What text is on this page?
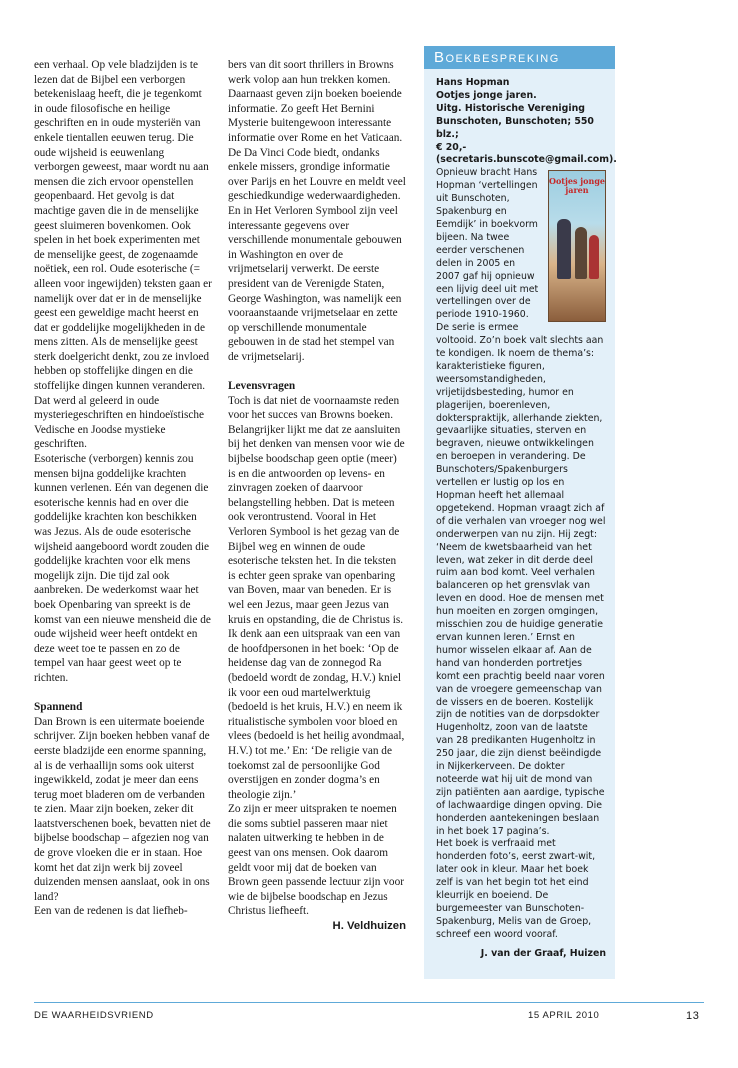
een verhaal. Op vele bladzijden is te lezen dat de Bijbel een verborgen betekenislaag heeft, die je tegenkomt in oude filosofische en heilige geschriften en in oude mysteriën van enkele tientallen eeuwen terug. Die oude wijsheid is eeuwenlang verborgen geweest, maar wordt nu aan mensen die zich ervoor openstellen geopenbaard. Het gevolg is dat machtige gaven die in de menselijke geest sluimeren bovenkomen. Ook spelen in het boek experimenten met de menselijke geest, de zogenaamde noëtiek, een rol. Oude esoterische (= alleen voor ingewijden) teksten gaan er namelijk over dat er in de menselijke geest een geweldige macht heerst en dat er goddelijke mogelijkheden in de mens zitten. Als de menselijke geest sterk doelgericht denkt, zou ze invloed hebben op stoffelijke dingen en die stoffelijke dingen kunnen veranderen. Dat werd al geleerd in oude mysteriegeschriften en hindoeïstische Vedische en Joodse mystieke geschriften.

Esoterische (verborgen) kennis zou mensen bijna goddelijke krachten kunnen verlenen. Eén van degenen die esoterische kennis had en over die goddelijke krachten kon beschikken was Jezus. Als de oude esoterische wijsheid aangeboord wordt zouden die goddelijke krachten voor elk mens mogelijk zijn. Die tijd zal ook aanbreken. De wederkomst waar het boek Openbaring van spreekt is de komst van een nieuwe mensheid die de oude wijsheid weer heeft ontdekt en deze weet toe te passen en zo de tempel van haar geest weet op te richten.

Spannend

Dan Brown is een uitermate boeiende schrijver. Zijn boeken hebben vanaf de eerste bladzijde een enorme spanning, al is de verhaallijn soms ook uiterst ingewikkeld, zodat je meer dan eens terug moet bladeren om de verbanden te zien. Maar zijn boeken, zeker dit laatstverschenen boek, bevatten niet de bijbelse boodschap – afgezien nog van de grove vloeken die er in staan. Hoe komt het dat zijn werk bij zoveel duizenden mensen aanslaat, ook in ons land?

Een van de redenen is dat liefheb-

bers van dit soort thrillers in Browns werk volop aan hun trekken komen. Daarnaast geven zijn boeken boeiende informatie. Zo geeft Het Bernini Mysterie buitengewoon interessante informatie over Rome en het Vaticaan. De Da Vinci Code biedt, ondanks enkele missers, grondige informatie over Parijs en het Louvre en meldt veel geschiedkundige wederwaardigheden. En in Het Verloren Symbool zijn veel interessante gegevens over verschillende monumentale gebouwen in Washington en over de vrijmetselarij verwerkt. De eerste president van de Verenigde Staten, George Washington, was namelijk een vooraanstaande vrijmetselaar en zette op verschillende monumentale gebouwen in de stad het stempel van de vrijmetselarij.

Levensvragen

Toch is dat niet de voornaamste reden voor het succes van Browns boeken. Belangrijker lijkt me dat ze aansluiten bij het denken van mensen voor wie de bijbelse boodschap geen optie (meer) is en die antwoorden op levens- en zinvragen zoeken of daarvoor belangstelling hebben. Dat is meteen ook verontrustend. Vooral in Het Verloren Symbool is het gezag van de Bijbel weg en winnen de oude esoterische teksten het. In die teksten is echter geen sprake van openbaring van Boven, maar van beneden. Er is wel een Jezus, maar geen Jezus van kruis en opstanding, die de Christus is. Ik denk aan een uitspraak van een van de hoofdpersonen in het boek: ‘Op de heidense dag van de zonnegod Ra (bedoeld wordt de zondag, H.V.) kniel ik voor een oud martelwerktuig (bedoeld is het kruis, H.V.) en neem ik ritualistische symbolen voor bloed en vlees (bedoeld is het heilig avondmaal, H.V.) tot me.’ En: ‘De religie van de toekomst zal de persoonlijke God overstijgen en zonder dogma’s en theologie zijn.’

Zo zijn er meer uitspraken te noemen die soms subtiel passeren maar niet nalaten uitwerking te hebben in de geest van ons mensen. Ook daarom geldt voor mij dat de boeken van Brown geen passende lectuur zijn voor wie de bijbelse boodschap en Jezus Christus liefheeft.

H. Veldhuizen
Boekbespreking
Hans Hopman
Ootjes jonge jaren.
Uitg. Historische Vereniging Bunschoten, Bunschoten; 550 blz.;
€ 20,- (secretaris.bunscote@gmail.com).
Ootjes jonge jaren

Opnieuw bracht Hans Hopman ‘vertellingen uit Bunschoten, Spakenburg en Eemdijk’ in boekvorm bijeen. Na twee eerder verschenen delen in 2005 en 2007 gaf hij opnieuw een lijvig deel uit met vertellingen over de periode 1910-1960. De serie is ermee voltooid. Zo’n boek valt slechts aan te kondigen. Ik noem de thema’s: karakteristieke figuren, weersomstandigheden, vrijetijdsbesteding, humor en plagerijen, boerenleven, dokterspraktijk, allerhande ziekten, gevaarlijke situaties, sterven en begraven, nieuwe ontwikkelingen en beroepen in verandering. De Bunschoters/Spakenburgers vertellen er lustig op los en Hopman heeft het allemaal opgetekend. Hopman vraagt zich af of die verhalen van vroeger nog wel onderwerpen van nu zijn. Hij zegt: ‘Neem de kwetsbaarheid van het leven, wat zeker in dit derde deel ruim aan bod komt. Veel verhalen balanceren op het grensvlak van leven en dood. Hoe de mensen met hun moeiten en zorgen omgingen, misschien zou de huidige generatie ervan kunnen leren.’ Ernst en humor wisselen elkaar af. Aan de hand van honderden portretjes komt een prachtig beeld naar voren van de vroegere gemeenschap van de vissers en de boeren. Kostelijk zijn de notities van de dorpsdokter Hugenholtz, zoon van de laatste van 28 predikanten Hugenholtz in 250 jaar, die zijn dienst beëindigde in Nijkerkerveen. De dokter noteerde wat hij uit de mond van zijn patiënten aan aardige, typische of lachwaardige dingen opving. Die honderden aantekeningen beslaan in het boek 17 pagina’s.

Het boek is verfraaid met honderden foto’s, eerst zwart-wit, later ook in kleur. Maar het boek zelf is van het begin tot het eind kleurrijk en boeiend. De burgemeester van Bunschoten-Spakenburg, Melis van de Groep, schreef een woord vooraf.

J. van der Graaf, Huizen
DE WAARHEIDSVRIEND	15 APRIL 2010	13
